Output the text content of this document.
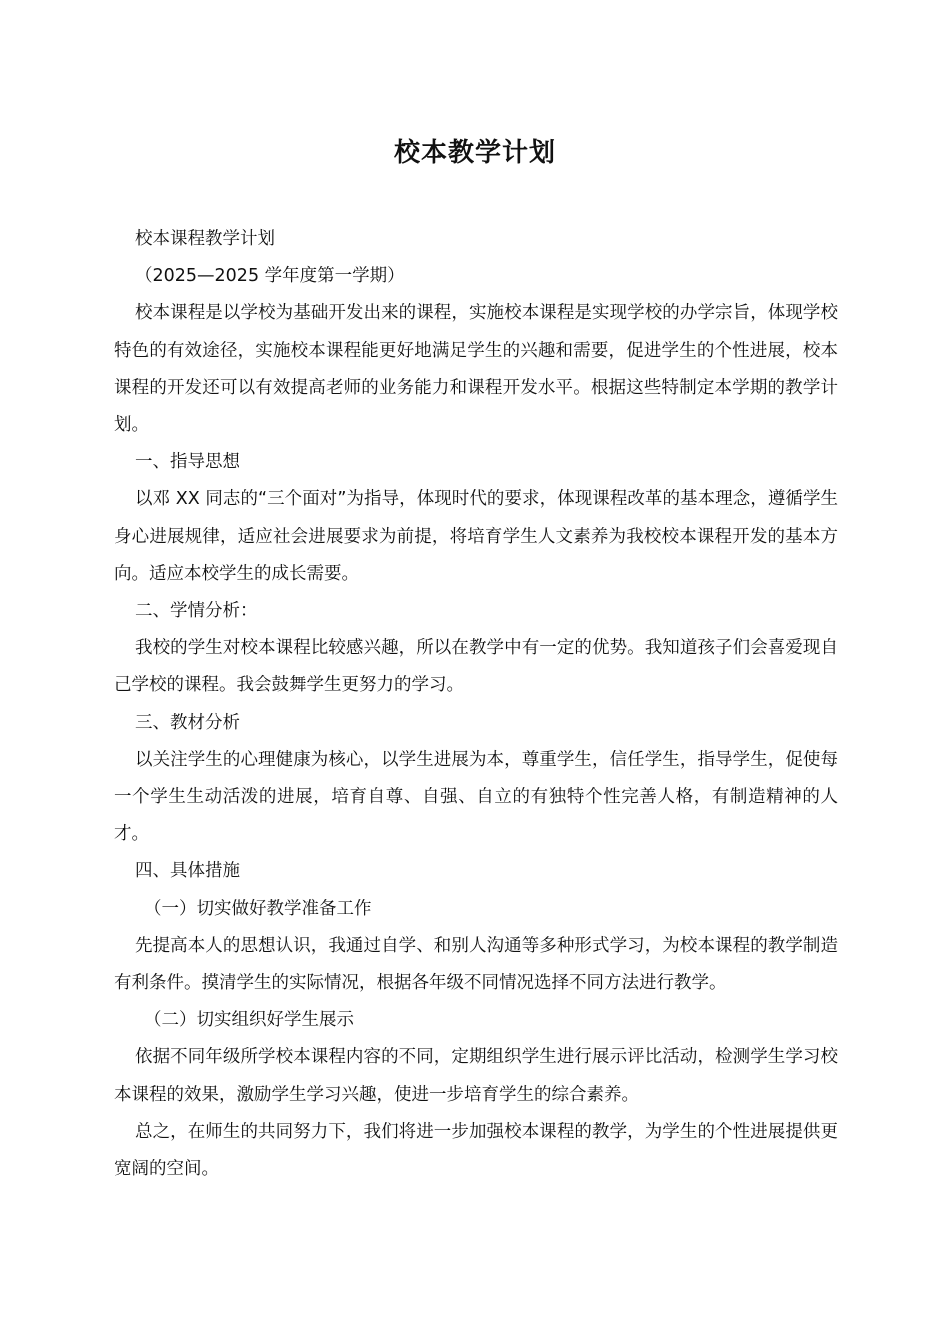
校本教学计划

校本课程教学计划

（2025—2025 学年度第一学期）

校本课程是以学校为基础开发出来的课程，实施校本课程是实现学校的办学宗旨，体现学校特色的有效途径，实施校本课程能更好地满足学生的兴趣和需要，促进学生的个性进展，校本课程的开发还可以有效提高老师的业务能力和课程开发水平。根据这些特制定本学期的教学计划。

一、指导思想

以邓 XX 同志的“三个面对”为指导，体现时代的要求，体现课程改革的基本理念，遵循学生身心进展规律，适应社会进展要求为前提，将培育学生人文素养为我校校本课程开发的基本方向。适应本校学生的成长需要。

二、学情分析：

我校的学生对校本课程比较感兴趣，所以在教学中有一定的优势。我知道孩子们会喜爱现自己学校的课程。我会鼓舞学生更努力的学习。

三、教材分析

以关注学生的心理健康为核心，以学生进展为本，尊重学生，信任学生，指导学生，促使每一个学生生动活泼的进展，培育自尊、自强、自立的有独特个性完善人格，有制造精神的人才。

四、具体措施

（一）切实做好教学准备工作

先提高本人的思想认识，我通过自学、和别人沟通等多种形式学习，为校本课程的教学制造有利条件。摸清学生的实际情况，根据各年级不同情况选择不同方法进行教学。

（二）切实组织好学生展示

依据不同年级所学校本课程内容的不同，定期组织学生进行展示评比活动，检测学生学习校本课程的效果，激励学生学习兴趣，使进一步培育学生的综合素养。

总之，在师生的共同努力下，我们将进一步加强校本课程的教学，为学生的个性进展提供更宽阔的空间。
